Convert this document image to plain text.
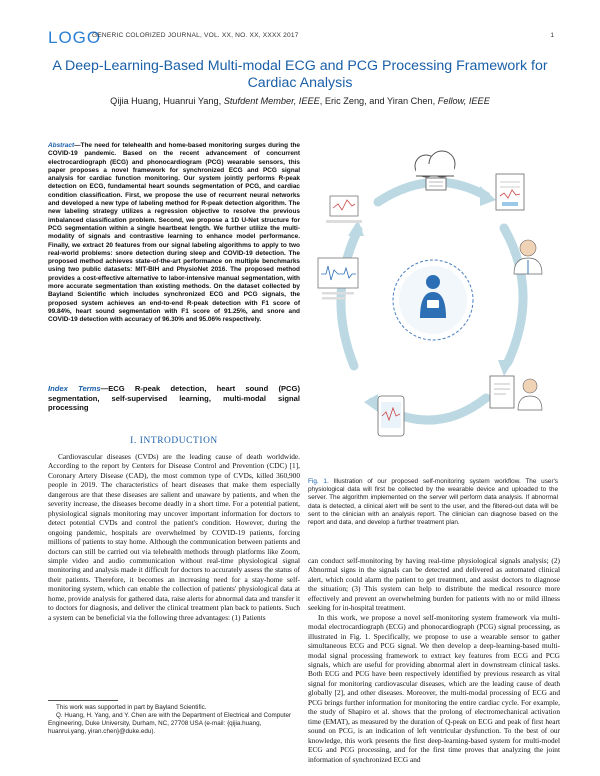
LOGO
GENERIC COLORIZED JOURNAL, VOL. XX, NO. XX, XXXX 2017	1
A Deep-Learning-Based Multi-modal ECG and PCG Processing Framework for Cardiac Analysis
Qijia Huang, Huanrui Yang, Stufdent Member, IEEE, Eric Zeng, and Yiran Chen, Fellow, IEEE
Abstract—The need for telehealth and home-based monitoring surges during the COVID-19 pandemic. Based on the recent advancement of concurrent electrocardiograph (ECG) and phonocardiogram (PCG) wearable sensors, this paper proposes a novel framework for synchronized ECG and PCG signal analysis for cardiac function monitoring. Our system jointly performs R-peak detection on ECG, fundamental heart sounds segmentation of PCG, and cardiac condition classification. First, we propose the use of recurrent neural networks and developed a new type of labeling method for R-peak detection algorithm. The new labeling strategy utilizes a regression objective to resolve the previous imbalanced classification problem. Second, we propose a 1D U-Net structure for PCG segmentation within a single heartbeat length. We further utilize the multi-modality of signals and contrastive learning to enhance model performance. Finally, we extract 20 features from our signal labeling algorithms to apply to two real-world problems: snore detection during sleep and COVID-19 detection. The proposed method achieves state-of-the-art performance on multiple benchmarks using two public datasets: MIT-BIH and PhysioNet 2016. The proposed method provides a cost-effective alternative to labor-intensive manual segmentation, with more accurate segmentation than existing methods. On the dataset collected by Bayland Scientific which includes synchronized ECG and PCG signals, the proposed system achieves an end-to-end R-peak detection with F1 score of 99.84%, heart sound segmentation with F1 score of 91.25%, and snore and COVID-19 detection with accuracy of 96.30% and 95.06% respectively.
Index Terms—ECG R-peak detection, heart sound (PCG) segmentation, self-supervised learning, multi-modal signal processing
Fig. 1. Illustration of our proposed self-monitoring system workflow. The user's physiological data will first be collected by the wearable device and uploaded to the server. The algorithm implemented on the server will perform data analysis. If abnormal data is detected, a clinical alert will be sent to the user, and the filtered-out data will be sent to the clinician with an analysis report. The clinician can diagnose based on the report and data, and develop a further treatment plan.
I. INTRODUCTION

Cardiovascular diseases (CVDs) are the leading cause of death worldwide. According to the report by Centers for Disease Control and Prevention (CDC) [1], Coronary Artery Disease (CAD), the most common type of CVDs, killed 360,900 people in 2019. The characteristics of heart diseases that make them especially dangerous are that these diseases are salient and unaware by patients, and when the severity increase, the diseases become deadly in a short time. For a potential patient, physiological signals monitoring may uncover important information for doctors to detect potential CVDs and control the patient's condition. However, during the ongoing pandemic, hospitals are overwhelmed by COVID-19 patients, forcing millions of patients to stay home. Although the communication between patients and doctors can still be carried out via telehealth methods through platforms like Zoom, simple video and audio communication without real-time physiological signal monitoring and analysis made it difficult for doctors to accurately assess the status of their patients. Therefore, it becomes an increasing need for a stay-home self-monitoring system, which can enable the collection of patients' physiological data at home, provide analysis for gathered data, raise alerts for abnormal data and transfer it to doctors for diagnosis, and deliver the clinical treatment plan back to patients. Such a system can be beneficial via the following three advantages: (1) Patients

can conduct self-monitoring by having real-time physiological signals analysis; (2) Abnormal signs in the signals can be detected and delivered as automated clinical alert, which could alarm the patient to get treatment, and assist doctors to diagnose the situation; (3) This system can help to distribute the medical resource more effectively and prevent an overwhelming burden for patients with no or mild illness seeking for in-hospital treatment.

In this work, we propose a novel self-monitoring system framework via multi-modal electrocardiograph (ECG) and phonocardiograph (PCG) signal processing, as illustrated in Fig. 1. Specifically, we propose to use a wearable sensor to gather simultaneous ECG and PCG signal. We then develop a deep-learning-based multi-modal signal processing framework to extract key features from ECG and PCG signals, which are useful for providing abnormal alert in downstream clinical tasks. Both ECG and PCG have been respectively identified by previous research as vital signal for monitoring cardiovascular diseases, which are the leading cause of death globally [2], and other diseases. Moreover, the multi-modal processing of ECG and PCG brings further information for monitoring the entire cardiac cycle. For example, the study of Shapiro et al. shows that the prolong of electromechanical activation time (EMAT), as measured by the duration of Q-peak on ECG and peak of first heart sound on PCG, is an indication of left ventricular dysfunction. To the best of our knowledge, this work presents the first deep-learning-based system for multi-model ECG and PCG processing, and for the first time proves that analyzing the joint information of synchronized ECG and

This work was supported in part by Bayland Scientific.

Q. Huang, H. Yang, and Y. Chen are with the Department of Electrical and Computer Engineering, Duke University, Durham, NC, 27708 USA (e-mail: {qijia.huang, huanrui.yang, yiran.chen}@duke.edu).
